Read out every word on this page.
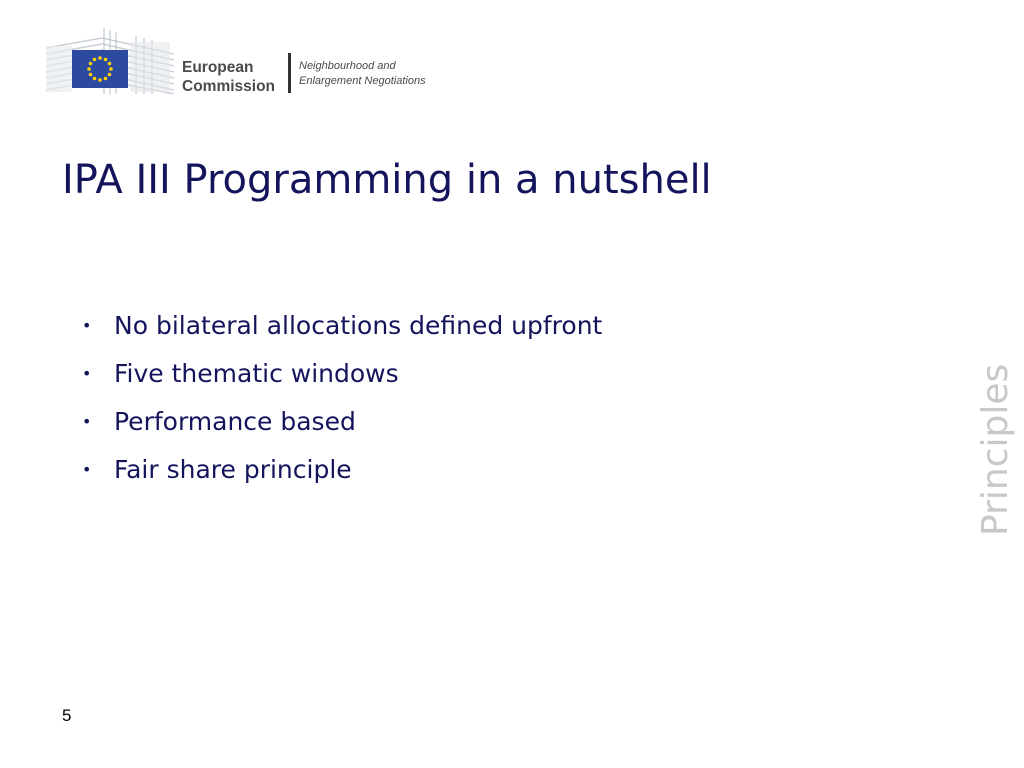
European
Commission
Neighbourhood and
Enlargement Negotiations
IPA III Programming in a nutshell
• No bilateral allocations defined upfront
• Five thematic windows
• Performance based
• Fair share principle	Principles
5
